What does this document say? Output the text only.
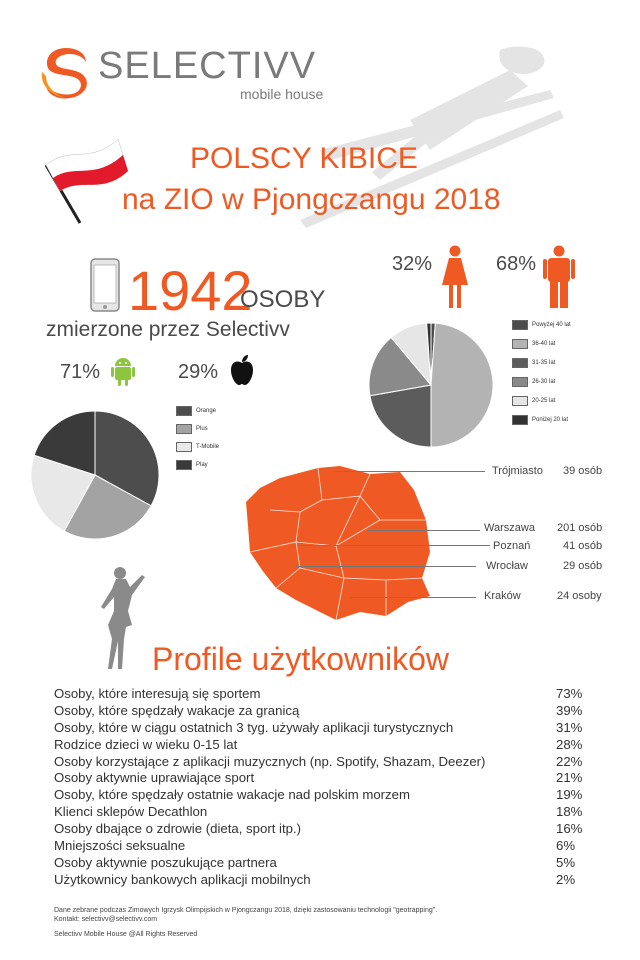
SELECTIVV
mobile house
POLSCY KIBICE
na ZIO w Pjongczangu 2018
1942
OSOBY
zmierzone przez Selectivv
71%	29%
32%	68%
Orange
Plus
T-Mobile
Play
Powyżej 40 lat
36-40 lat
31-35 lat
26-30 lat
20-25 lat
Poniżej 20 lat
Trójmiasto 39 osób
Warszawa 201 osób
Poznań	41 osób
Wrocław	29 osób
Kraków	24 osoby
Profile użytkowników
Osoby, które interesują się sportem	73%
Osoby, które spędzały wakacje za granicą	39%
Osoby, które w ciągu ostatnich 3 tyg. używały aplikacji turystycznych	31%
Rodzice dzieci w wieku 0-15 lat	28%
Osoby korzystające z aplikacji muzycznych (np. Spotify, Shazam, Deezer)	22%
Osoby aktywnie uprawiające sport	21%
Osoby, które spędzały ostatnie wakacje nad polskim morzem	19%
Klienci sklepów Decathlon	18%
Osoby dbające o zdrowie (dieta, sport itp.)	16%
Mniejszości seksualne	6%
Osoby aktywnie poszukujące partnera	5%
Użytkownicy bankowych aplikacji mobilnych	2%
Dane zebrane podczas Zimowych Igrzysk Olimpijskich w Pjongczangu 2018, dzięki zastosowaniu technologii "geotrapping".
Kontakt: selectivv@selectivv.com
Selectivv Mobile House @All Rights Reserved
